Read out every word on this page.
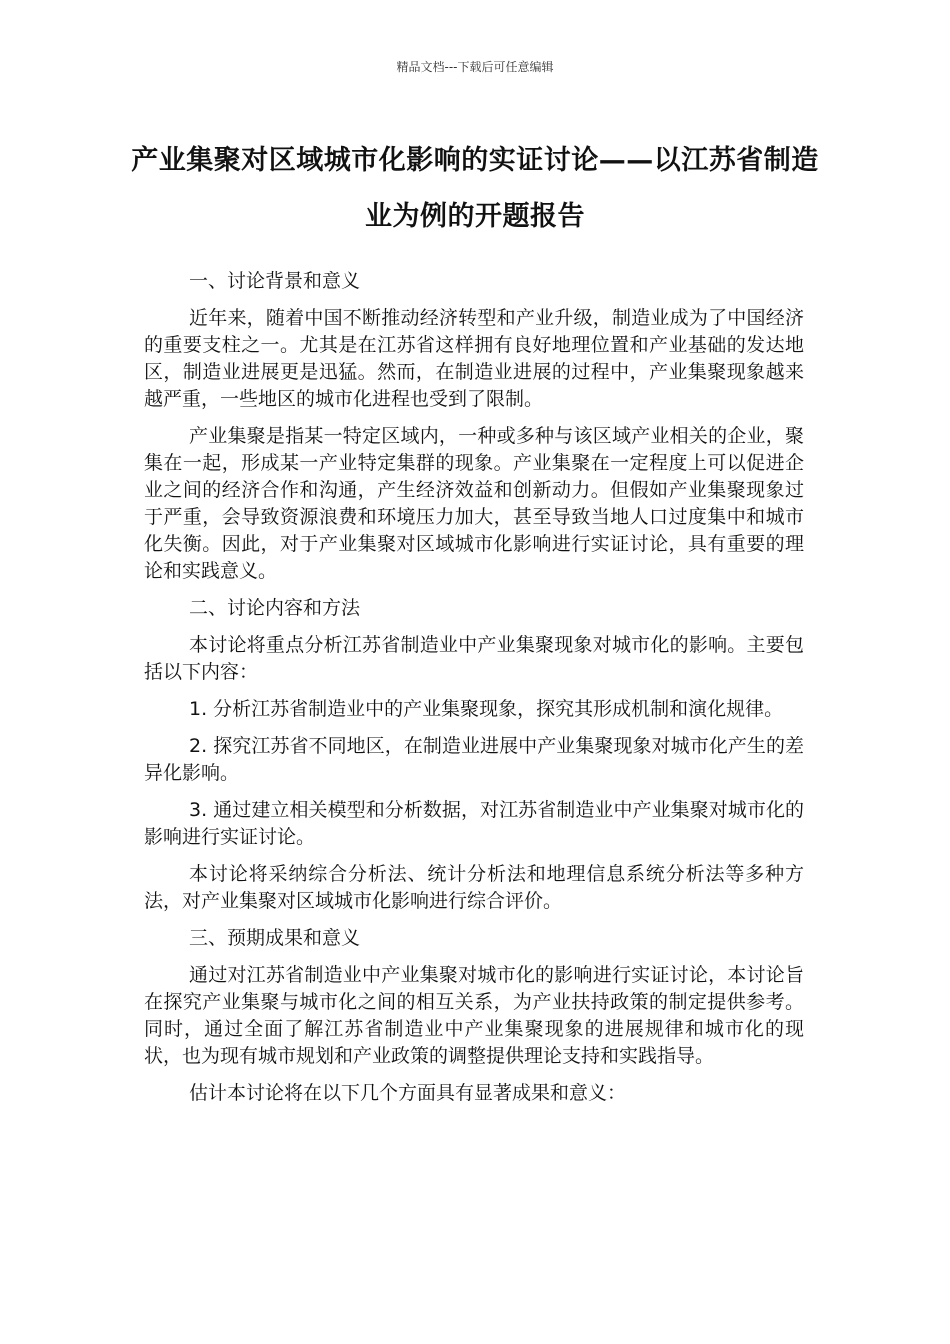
精品文档---下载后可任意编辑
产业集聚对区域城市化影响的实证讨论——以江苏省制造业为例的开题报告

一、讨论背景和意义

近年来，随着中国不断推动经济转型和产业升级，制造业成为了中国经济的重要支柱之一。尤其是在江苏省这样拥有良好地理位置和产业基础的发达地区，制造业进展更是迅猛。然而，在制造业进展的过程中，产业集聚现象越来越严重，一些地区的城市化进程也受到了限制。

产业集聚是指某一特定区域内，一种或多种与该区域产业相关的企业，聚集在一起，形成某一产业特定集群的现象。产业集聚在一定程度上可以促进企业之间的经济合作和沟通，产生经济效益和创新动力。但假如产业集聚现象过于严重，会导致资源浪费和环境压力加大，甚至导致当地人口过度集中和城市化失衡。因此，对于产业集聚对区域城市化影响进行实证讨论，具有重要的理论和实践意义。

二、讨论内容和方法

本讨论将重点分析江苏省制造业中产业集聚现象对城市化的影响。主要包括以下内容：

1. 分析江苏省制造业中的产业集聚现象，探究其形成机制和演化规律。

2. 探究江苏省不同地区，在制造业进展中产业集聚现象对城市化产生的差异化影响。

3. 通过建立相关模型和分析数据，对江苏省制造业中产业集聚对城市化的影响进行实证讨论。

本讨论将采纳综合分析法、统计分析法和地理信息系统分析法等多种方法，对产业集聚对区域城市化影响进行综合评价。

三、预期成果和意义

通过对江苏省制造业中产业集聚对城市化的影响进行实证讨论，本讨论旨在探究产业集聚与城市化之间的相互关系，为产业扶持政策的制定提供参考。同时，通过全面了解江苏省制造业中产业集聚现象的进展规律和城市化的现状，也为现有城市规划和产业政策的调整提供理论支持和实践指导。

估计本讨论将在以下几个方面具有显著成果和意义：
